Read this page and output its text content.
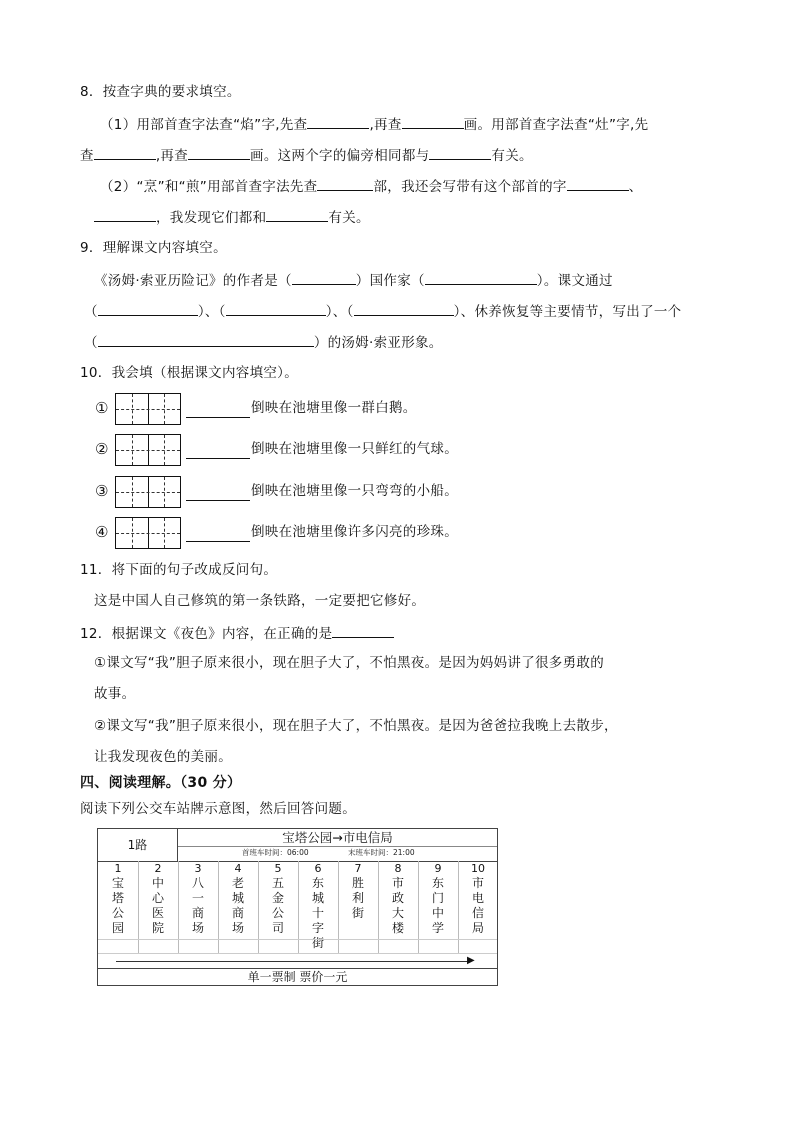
8．按查字典的要求填空。
（1）用部首查字法查“焰”字,先查	,再查	画。用部首查字法查“灶”字,先
查	,再查	画。这两个字的偏旁相同都与	有关。
（2）“烹”和“煎”用部首查字法先查	部，我还会写带有这个部首的字	、
，我发现它们都和	有关。
9．理解课文内容填空。
《汤姆·索亚历险记》的作者是（	）国作家（	）。课文通过
（	）、（	）、（	）、休养恢复等主要情节，写出了一个
（	）的汤姆·索亚形象。
10．我会填（根据课文内容填空）。
①	倒映在池塘里像一群白鹅。
②	倒映在池塘里像一只鲜红的气球。
③	倒映在池塘里像一只弯弯的小船。
④	倒映在池塘里像许多闪亮的珍珠。
11．将下面的句子改成反问句。
这是中国人自己修筑的第一条铁路，一定要把它修好。
12．根据课文《夜色》内容，在正确的是
①课文写“我”胆子原来很小，现在胆子大了，不怕黑夜。是因为妈妈讲了很多勇敢的
故事。
②课文写“我”胆子原来很小，现在胆子大了，不怕黑夜。是因为爸爸拉我晚上去散步，
让我发现夜色的美丽。
四、阅读理解。（30 分）
阅读下列公交车站牌示意图，然后回答问题。
1路	宝塔公园→市电信局
首班车时间：06:00	末班车时间：21:00
1
宝
塔
公
园
2
中
心
医
院
3
八
一
商
场
4
老
城
商
场
5
五
金
公
司
6
东
城
十
字
街
7
胜
利
街
8
市
政
大
楼
9
东
门
中
学
10
市
电
信
局
▶
单一票制 票价一元
